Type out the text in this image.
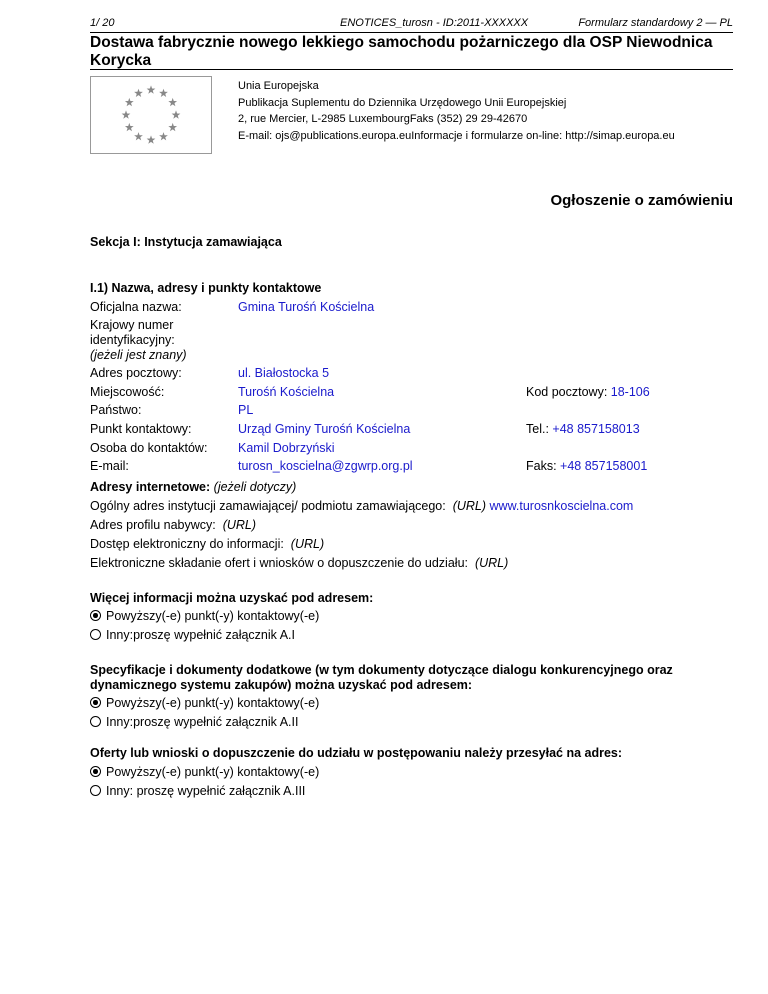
1/ 20	ENOTICES_turosn - ID:2011-XXXXXX	Formularz standardowy 2 — PL
Dostawa fabrycznie nowego lekkiego samochodu pożarniczego dla OSP Niewodnica Korycka
Unia Europejska
Publikacja Suplementu do Dziennika Urzędowego Unii Europejskiej
2, rue Mercier, L-2985 LuxembourgFaks (352) 29 29-42670
E-mail: ojs@publications.europa.euInformacje i formularze on-line: http://simap.europa.eu
Ogłoszenie o zamówieniu
Sekcja I: Instytucja zamawiająca
I.1) Nazwa, adresy i punkty kontaktowe
Oficjalna nazwa:	Gmina Turośń Kościelna
Krajowy numer identyfikacyjny: (jeżeli jest znany)
Adres pocztowy:	ul. Białostocka 5
Miejscowość:	Turośń Kościelna	Kod pocztowy: 18-106
Państwo:	PL
Punkt kontaktowy:	Urząd Gminy Turośń Kościelna	Tel.: +48 857158013
Osoba do kontaktów:	Kamil Dobrzyński
E-mail:	turosn_koscielna@zgwrp.org.pl	Faks: +48 857158001
Adresy internetowe: (jeżeli dotyczy)
Ogólny adres instytucji zamawiającej/ podmiotu zamawiającego: (URL) www.turosnkoscielna.com
Adres profilu nabywcy: (URL)
Dostęp elektroniczny do informacji: (URL)
Elektroniczne składanie ofert i wniosków o dopuszczenie do udziału: (URL)
Więcej informacji można uzyskać pod adresem:
Powyższy(-e) punkt(-y) kontaktowy(-e)
Inny:proszę wypełnić załącznik A.I
Specyfikacje i dokumenty dodatkowe (w tym dokumenty dotyczące dialogu konkurencyjnego oraz
dynamicznego systemu zakupów) można uzyskać pod adresem:
Powyższy(-e) punkt(-y) kontaktowy(-e)
Inny:proszę wypełnić załącznik A.II
Oferty lub wnioski o dopuszczenie do udziału w postępowaniu należy przesyłać na adres:
Powyższy(-e) punkt(-y) kontaktowy(-e)
Inny: proszę wypełnić załącznik A.III
